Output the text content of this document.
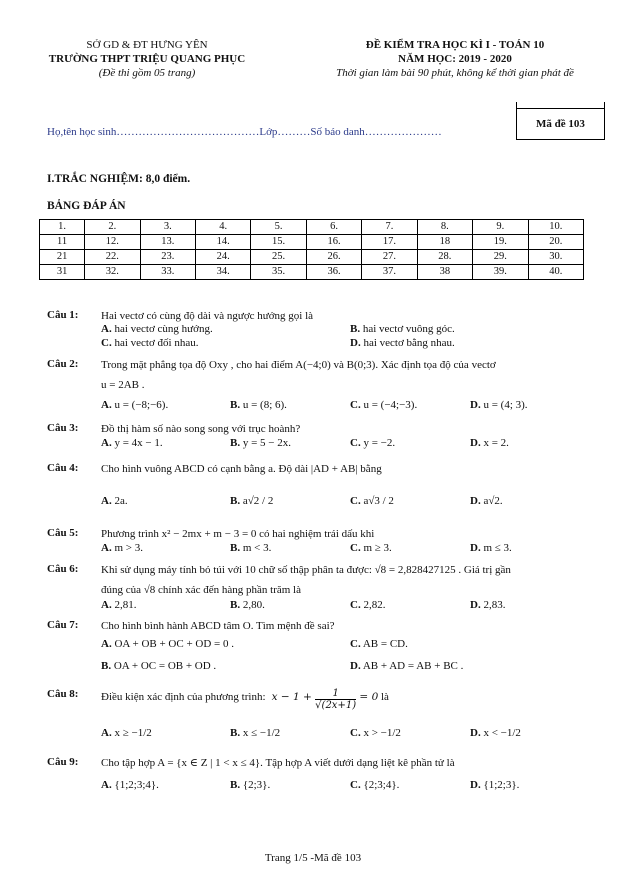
SỞ GD & ĐT HƯNG YÊN
TRƯỜNG THPT TRIỆU QUANG PHỤC
(Đề thi gồm 05 trang)
ĐỀ KIỂM TRA HỌC KÌ I - TOÁN 10
NĂM HỌC: 2019 - 2020
Thời gian làm bài 90 phút, không kể thời gian phát đề
Họ,tên học sinh…………………………………Lớp………Số báo danh…………………
Mã đề 103
I.TRẮC NGHIỆM: 8,0 điểm.
BẢNG ĐÁP ÁN
1.	2.	3.	4.	5.	6.	7.	8.	9.	10.
11	12.	13.	14.	15.	16.	17.	18	19.	20.
21	22.	23.	24.	25.	26.	27.	28.	29.	30.
31	32.	33.	34.	35.	36.	37.	38	39.	40.
Câu 1: Hai vectơ có cùng độ dài và ngược hướng gọi là
A. hai vectơ cùng hướng.	B. hai vectơ vuông góc.
C. hai vectơ đối nhau.	D. hai vectơ bằng nhau.
Câu 2: Trong mặt phẳng tọa độ Oxy , cho hai điểm A(−4;0) và B(0;3). Xác định tọa độ của vectơ
u = 2AB .
A. u = (−8;−6).	B. u = (8; 6).	C. u = (−4;−3).	D. u = (4; 3).
Câu 3: Đồ thị hàm số nào song song với trục hoành?
A. y = 4x − 1.	B. y = 5 − 2x.	C. y = −2.	D. x = 2.
Câu 4: Cho hình vuông ABCD có cạnh bằng a. Độ dài |AD + AB| bằng
A. 2a.	B. a√2 / 2	C. a√3 / 2	D. a√2.
Câu 5: Phương trình x² − 2mx + m − 3 = 0 có hai nghiệm trái dấu khi
A. m > 3.	B. m < 3.	C. m ≥ 3.	D. m ≤ 3.
Câu 6: Khi sử dụng máy tính bỏ túi với 10 chữ số thập phân ta được: √8 = 2,828427125 . Giá trị gần
đúng của √8 chính xác đến hàng phần trăm là
A. 2,81.	B. 2,80.	C. 2,82.	D. 2,83.
Câu 7: Cho hình bình hành ABCD tâm O. Tìm mệnh đề sai?
A. OA + OB + OC + OD = 0 .	C. AB = CD.
B. OA + OC = OB + OD .	D. AB + AD = AB + BC .
Câu 8: Điều kiện xác định của phương trình:  $x - 1 + \frac{1}{√(2x+1)} = 0$ là
A. x ≥ −1/2	B. x ≤ −1/2	C. x > −1/2	D. x < −1/2
Câu 9: Cho tập hợp A = {x ∈ Z | 1 < x ≤ 4}. Tập hợp A viết dưới dạng liệt kê phần tử là
A. {1;2;3;4}.	B. {2;3}.	C. {2;3;4}.	D. {1;2;3}.
Trang 1/5 -Mã đề 103
